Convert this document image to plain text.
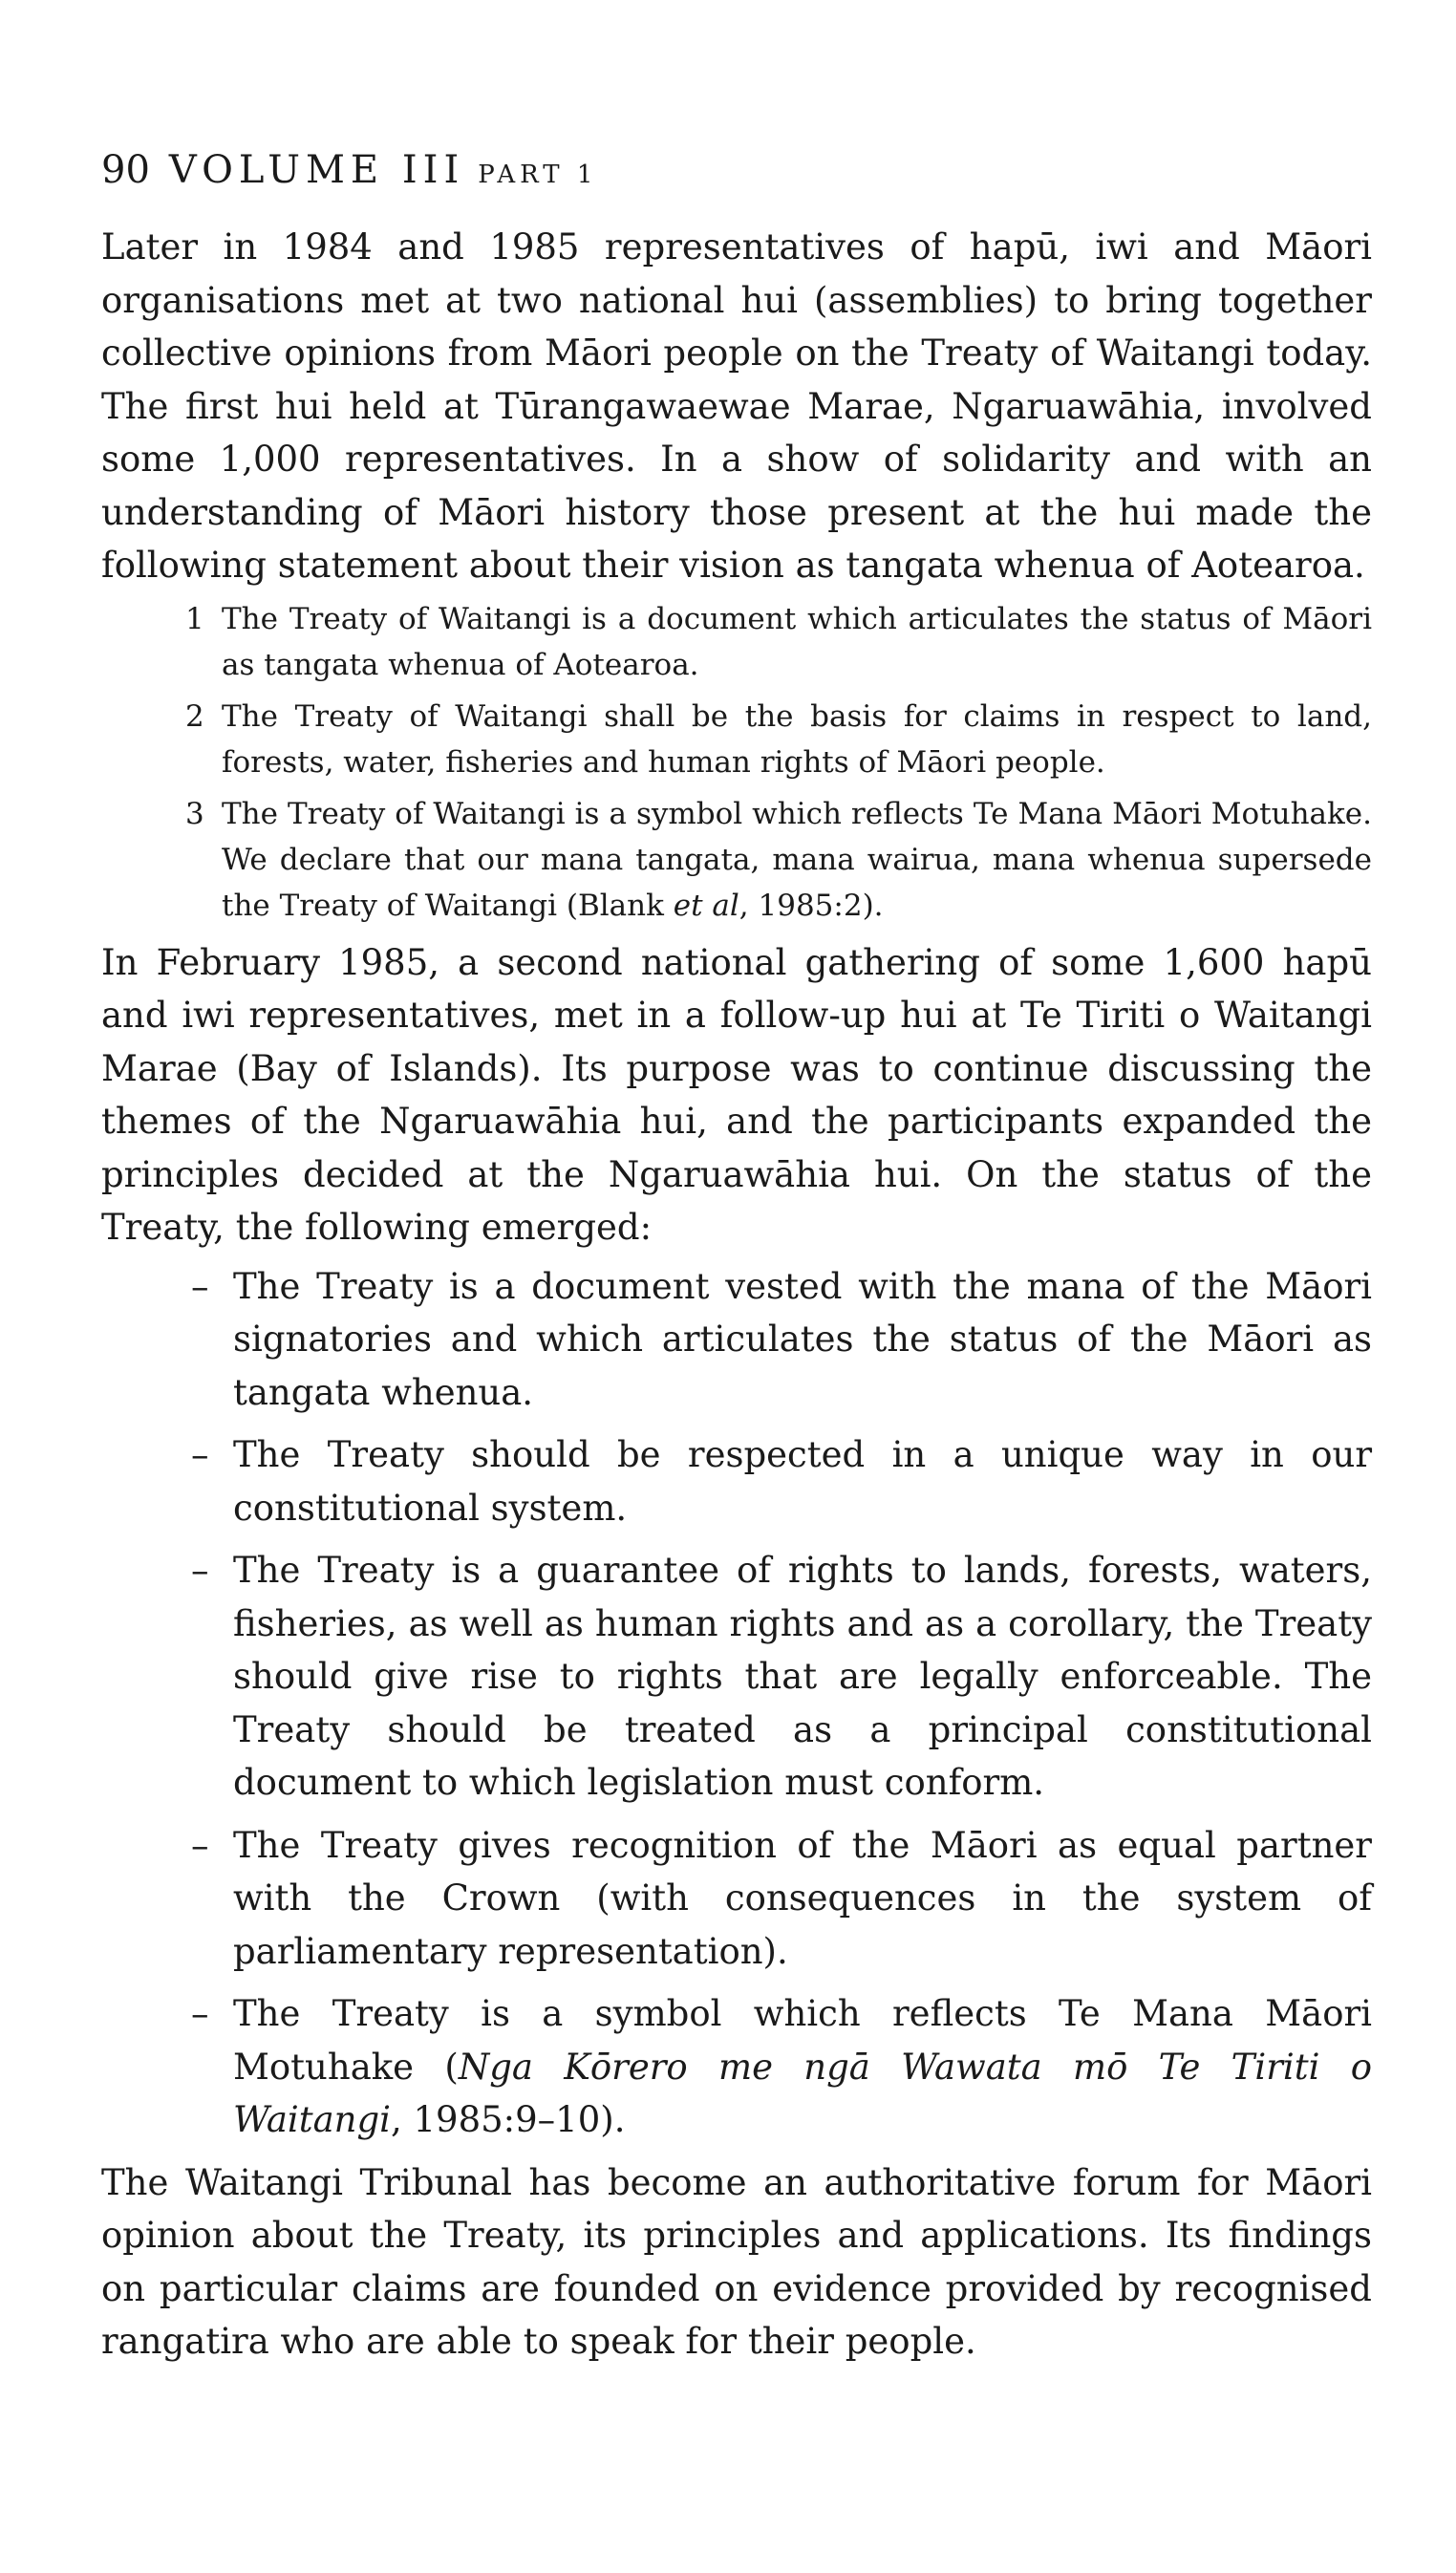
90 VOLUME III PART 1

Later in 1984 and 1985 representatives of hapū, iwi and Māori organisations met at two national hui (assemblies) to bring together collective opinions from Māori people on the Treaty of Waitangi today. The first hui held at Tūrangawaewae Marae, Ngaruawāhia, involved some 1,000 representatives. In a show of solidarity and with an understanding of Māori history those present at the hui made the following statement about their vision as tangata whenua of Aotearoa.

1 The Treaty of Waitangi is a document which articulates the status of Māori as tangata whenua of Aotearoa.
2 The Treaty of Waitangi shall be the basis for claims in respect to land, forests, water, fisheries and human rights of Māori people.
3 The Treaty of Waitangi is a symbol which reflects Te Mana Māori Motuhake. We declare that our mana tangata, mana wairua, mana whenua supersede the Treaty of Waitangi (Blank et al, 1985:2).

In February 1985, a second national gathering of some 1,600 hapū and iwi representatives, met in a follow-up hui at Te Tiriti o Waitangi Marae (Bay of Islands). Its purpose was to continue discussing the themes of the Ngaruawāhia hui, and the participants expanded the principles decided at the Ngaruawāhia hui. On the status of the Treaty, the following emerged:

– The Treaty is a document vested with the mana of the Māori signatories and which articulates the status of the Māori as tangata whenua.
– The Treaty should be respected in a unique way in our constitutional system.
– The Treaty is a guarantee of rights to lands, forests, waters, fisheries, as well as human rights and as a corollary, the Treaty should give rise to rights that are legally enforceable. The Treaty should be treated as a principal constitutional document to which legislation must conform.
– The Treaty gives recognition of the Māori as equal partner with the Crown (with consequences in the system of parliamentary representation).
– The Treaty is a symbol which reflects Te Mana Māori Motuhake (Nga Kōrero me ngā Wawata mō Te Tiriti o Waitangi, 1985:9–10).

The Waitangi Tribunal has become an authoritative forum for Māori opinion about the Treaty, its principles and applications. Its findings on particular claims are founded on evidence provided by recognised rangatira who are able to speak for their people.
